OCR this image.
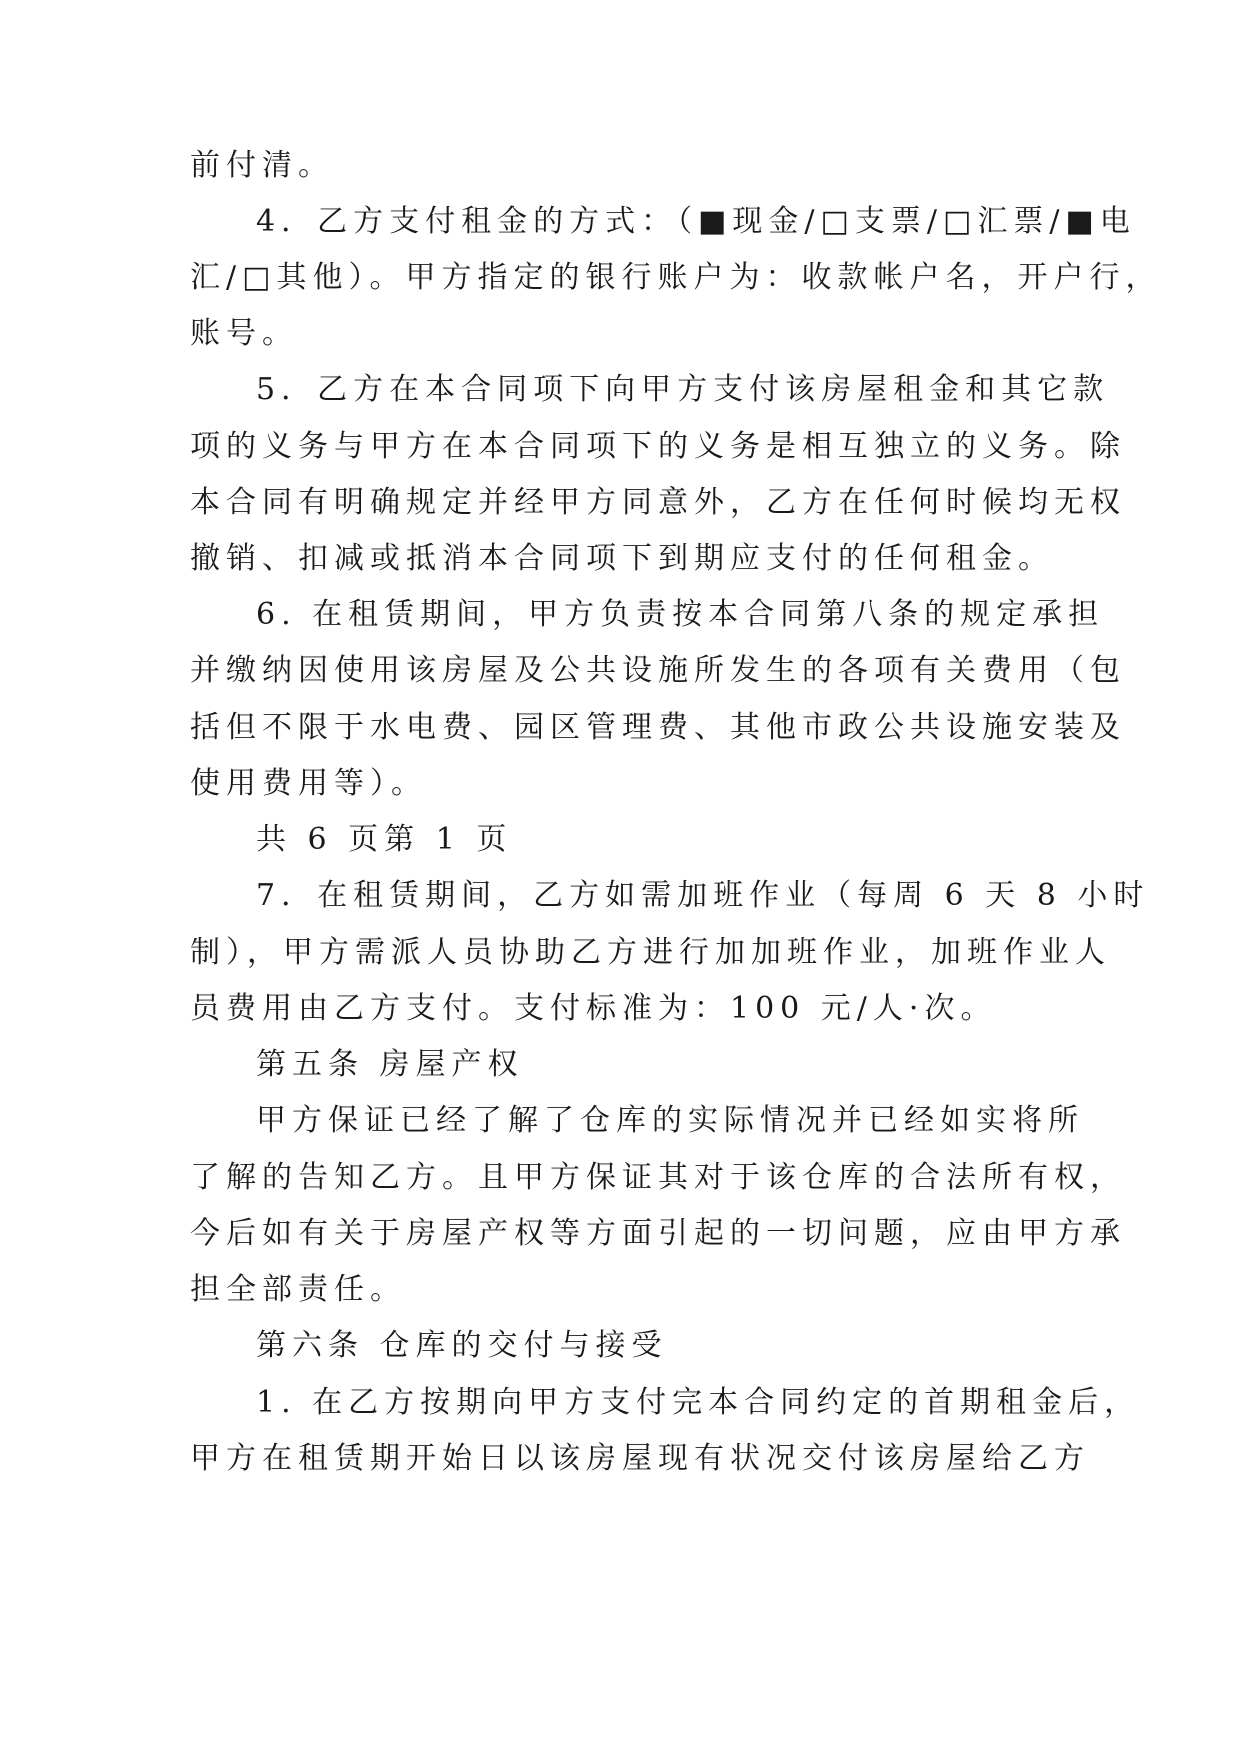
前付清。
4．乙方支付租金的方式：（■现金/□支票/□汇票/■电
汇/□其他）。甲方指定的银行账户为：收款帐户名，开户行，
账号。
5．乙方在本合同项下向甲方支付该房屋租金和其它款
项的义务与甲方在本合同项下的义务是相互独立的义务。除
本合同有明确规定并经甲方同意外，乙方在任何时候均无权
撤销、扣减或抵消本合同项下到期应支付的任何租金。
6. 在租赁期间，甲方负责按本合同第八条的规定承担
并缴纳因使用该房屋及公共设施所发生的各项有关费用（包
括但不限于水电费、园区管理费、其他市政公共设施安装及
使用费用等）。
共 6 页第 1 页
7．在租赁期间，乙方如需加班作业（每周 6 天 8 小时
制），甲方需派人员协助乙方进行加加班作业，加班作业人
员费用由乙方支付。支付标准为：100 元/人·次。
第五条 房屋产权
甲方保证已经了解了仓库的实际情况并已经如实将所
了解的告知乙方。且甲方保证其对于该仓库的合法所有权，
今后如有关于房屋产权等方面引起的一切问题，应由甲方承
担全部责任。
第六条 仓库的交付与接受
1. 在乙方按期向甲方支付完本合同约定的首期租金后，
甲方在租赁期开始日以该房屋现有状况交付该房屋给乙方
